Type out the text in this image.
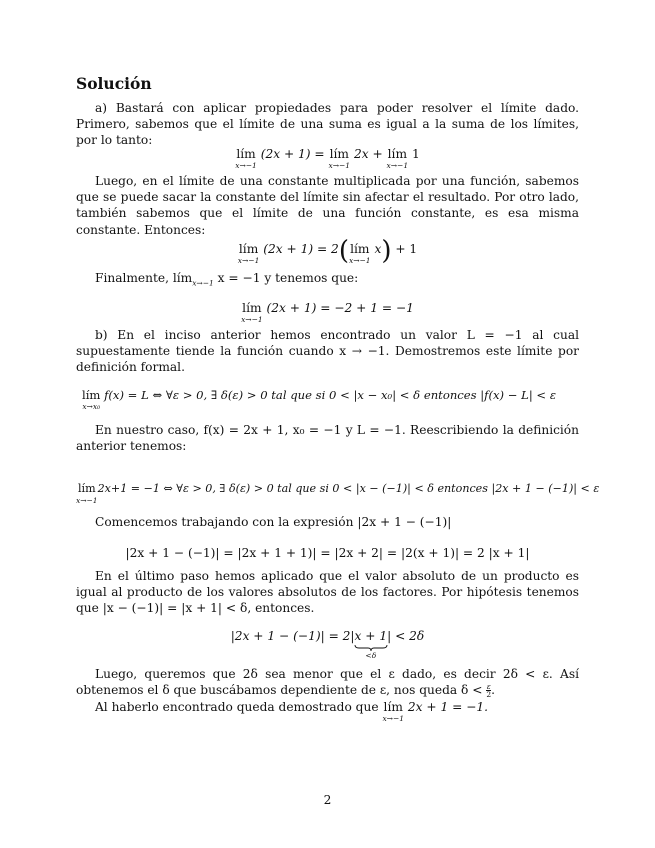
Solución
a) Bastará con aplicar propiedades para poder resolver el límite dado. Primero, sabemos que el límite de una suma es igual a la suma de los límites, por lo tanto:
lím
x→−1
(2x + 1) = lím
x→−1
2x + lím
x→−1
1
Luego, en el límite de una constante multiplicada por una función, sabemos que se puede sacar la constante del límite sin afectar el resultado. Por otro lado, también sabemos que el límite de una función constante, es esa misma constante. Entonces:
lím
x→−1
(2x + 1) = 2(lím
x→−1
x) + 1
Finalmente, lím$_{x\to-1}$ x = −1 y tenemos que:
lím
x→−1
(2x + 1) = −2 + 1 = −1
b) En el inciso anterior hemos encontrado un valor L = −1 al cual supuestamente tiende la función cuando x → −1. Demostremos este límite por definición formal.
lím
x→x₀
f(x) = L ⇔ ∀ε > 0, ∃ δ(ε) > 0 tal que si 0 < |x − x₀| < δ entonces |f(x) − L| < ε
En nuestro caso, f(x) = 2x + 1, x₀ = −1 y L = −1. Reescribiendo la definición anterior tenemos:
lím
x→−1
2x+1 = −1 ⇔ ∀ε > 0, ∃ δ(ε) > 0 tal que si 0 < |x − (−1)| < δ entonces |2x + 1 − (−1)| < ε
Comencemos trabajando con la expresión |2x + 1 − (−1)|
|2x + 1 − (−1)| = |2x + 1 + 1)| = |2x + 2| = |2(x + 1)| = 2 |x + 1|
En el último paso hemos aplicado que el valor absoluto de un producto es igual al producto de los valores absolutos de los factores. Por hipótesis tenemos que |x − (−1)| = |x + 1| < δ, entonces.
|2x + 1 − (−1)| = 2|x + 1|
<δ
< 2δ
Luego, queremos que 2δ sea menor que el ε dado, es decir 2δ < ε. Así obtenemos el δ que buscábamos dependiente de ε, nos queda $\delta < \frac{\varepsilon}{2}$ .
Al haberlo encontrado queda demostrado que lím
x→−1
2x + 1 = −1.
2
